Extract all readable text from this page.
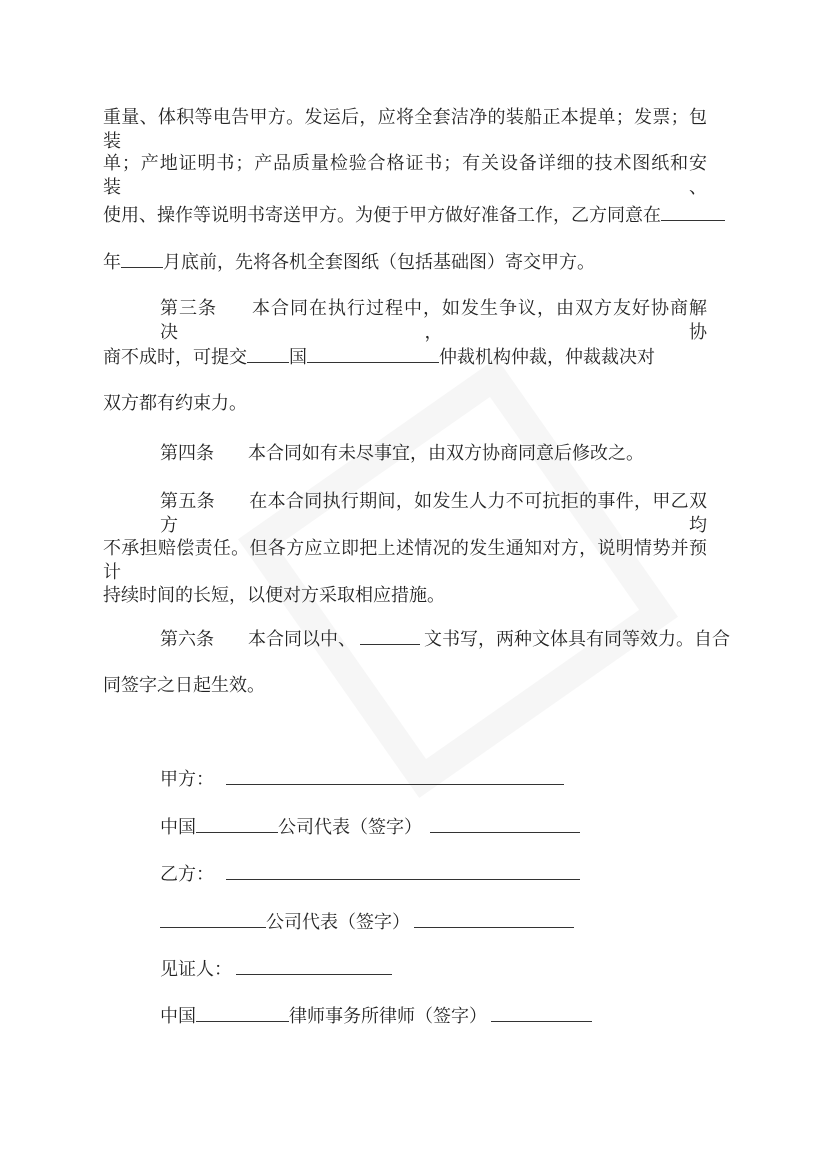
重量、体积等电告甲方。发运后，应将全套洁净的装船正本提单；发票；包装
单；产地证明书；产品质量检验合格证书；有关设备详细的技术图纸和安装、
使用、操作等说明书寄送甲方。为便于甲方做好准备工作，乙方同意在
年 月底前，先将各机全套图纸（包括基础图）寄交甲方。
第三条 本合同在执行过程中，如发生争议，由双方友好协商解决，协
商不成时，可提交 国	仲裁机构仲裁，仲裁裁决对
双方都有约束力。
第四条 本合同如有未尽事宜，由双方协商同意后修改之。
第五条 在本合同执行期间，如发生人力不可抗拒的事件，甲乙双方均
不承担赔偿责任。但各方应立即把上述情况的发生通知对方，说明情势并预计
持续时间的长短，以便对方采取相应措施。
第六条 本合同以中、	文书写，两种文体具有同等效力。自合
同签字之日起生效。
甲方：
中国	公司代表（签字）
乙方：
公司代表（签字）
见证人：
中国	律师事务所律师（签字）
